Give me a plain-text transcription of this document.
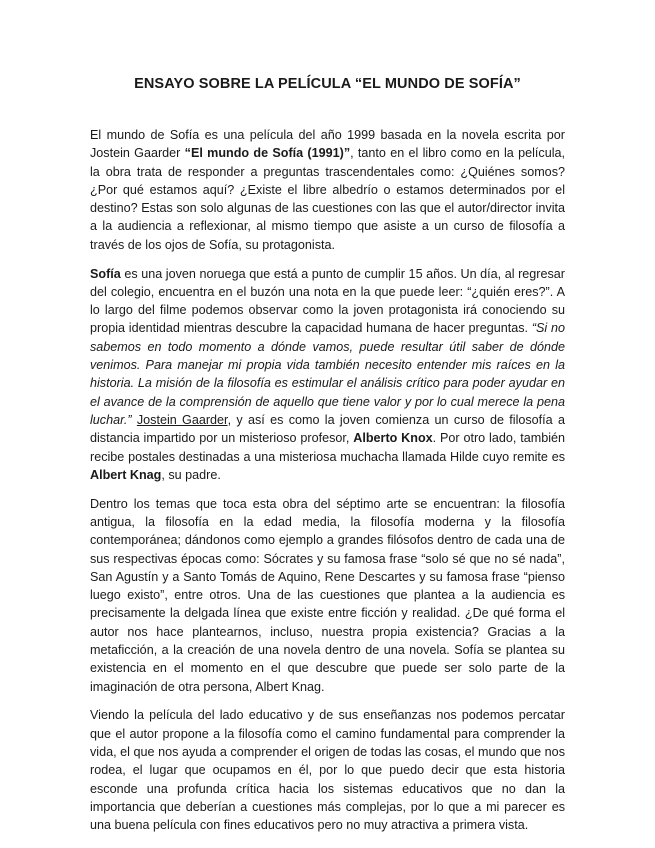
ENSAYO SOBRE LA PELÍCULA “EL MUNDO DE SOFÍA”

El mundo de Sofía es una película del año 1999 basada en la novela escrita por Jostein Gaarder “El mundo de Sofía (1991)”, tanto en el libro como en la película, la obra trata de responder a preguntas trascendentales como: ¿Quiénes somos? ¿Por qué estamos aquí? ¿Existe el libre albedrío o estamos determinados por el destino? Estas son solo algunas de las cuestiones con las que el autor/director invita a la audiencia a reflexionar, al mismo tiempo que asiste a un curso de filosofía a través de los ojos de Sofía, su protagonista.

Sofía es una joven noruega que está a punto de cumplir 15 años. Un día, al regresar del colegio, encuentra en el buzón una nota en la que puede leer: “¿quién eres?”. A lo largo del filme podemos observar como la joven protagonista irá conociendo su propia identidad mientras descubre la capacidad humana de hacer preguntas. “Si no sabemos en todo momento a dónde vamos, puede resultar útil saber de dónde venimos. Para manejar mi propia vida también necesito entender mis raíces en la historia. La misión de la filosofía es estimular el análisis crítico para poder ayudar en el avance de la comprensión de aquello que tiene valor y por lo cual merece la pena luchar.” Jostein Gaarder, y así es como la joven comienza un curso de filosofía a distancia impartido por un misterioso profesor, Alberto Knox. Por otro lado, también recibe postales destinadas a una misteriosa muchacha llamada Hilde cuyo remite es Albert Knag, su padre.

Dentro los temas que toca esta obra del séptimo arte se encuentran: la filosofía antigua, la filosofía en la edad media, la filosofía moderna y la filosofía contemporánea; dándonos como ejemplo a grandes filósofos dentro de cada una de sus respectivas épocas como: Sócrates y su famosa frase “solo sé que no sé nada”, San Agustín y a Santo Tomás de Aquino, Rene Descartes y su famosa frase “pienso luego existo”, entre otros. Una de las cuestiones que plantea a la audiencia es precisamente la delgada línea que existe entre ficción y realidad. ¿De qué forma el autor nos hace plantearnos, incluso, nuestra propia existencia? Gracias a la metaficción, a la creación de una novela dentro de una novela. Sofía se plantea su existencia en el momento en el que descubre que puede ser solo parte de la imaginación de otra persona, Albert Knag.

Viendo la película del lado educativo y de sus enseñanzas nos podemos percatar que el autor propone a la filosofía como el camino fundamental para comprender la vida, el que nos ayuda a comprender el origen de todas las cosas, el mundo que nos rodea, el lugar que ocupamos en él, por lo que puedo decir que esta historia esconde una profunda crítica hacia los sistemas educativos que no dan la importancia que deberían a cuestiones más complejas, por lo que a mi parecer es una buena película con fines educativos pero no muy atractiva a primera vista.
